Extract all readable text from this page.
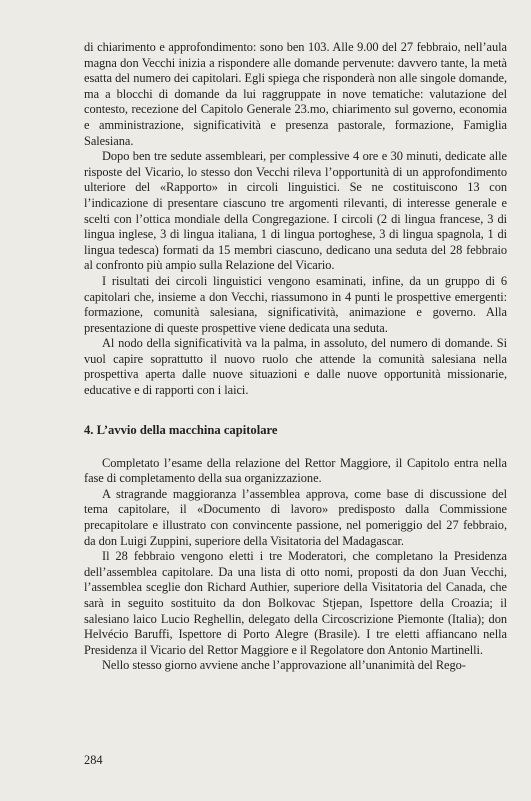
di chiarimento e approfondimento: sono ben 103. Alle 9.00 del 27 febbraio, nell’aula magna don Vecchi inizia a rispondere alle domande pervenute: davvero tante, la metà esatta del numero dei capitolari. Egli spiega che risponderà non alle singole domande, ma a blocchi di domande da lui raggruppate in nove tematiche: valutazione del contesto, recezione del Capitolo Generale 23.mo, chiarimento sul governo, economia e amministrazione, significatività e presenza pastorale, formazione, Famiglia Salesiana.

Dopo ben tre sedute assembleari, per complessive 4 ore e 30 minuti, dedicate alle risposte del Vicario, lo stesso don Vecchi rileva l’opportunità di un approfondimento ulteriore del «Rapporto» in circoli linguistici. Se ne costituiscono 13 con l’indicazione di presentare ciascuno tre argomenti rilevanti, di interesse generale e scelti con l’ottica mondiale della Congregazione. I circoli (2 di lingua francese, 3 di lingua inglese, 3 di lingua italiana, 1 di lingua portoghese, 3 di lingua spagnola, 1 di lingua tedesca) formati da 15 membri ciascuno, dedicano una seduta del 28 febbraio al confronto più ampio sulla Relazione del Vicario.

I risultati dei circoli linguistici vengono esaminati, infine, da un gruppo di 6 capitolari che, insieme a don Vecchi, riassumono in 4 punti le prospettive emergenti: formazione, comunità salesiana, significatività, animazione e governo. Alla presentazione di queste prospettive viene dedicata una seduta.

Al nodo della significatività va la palma, in assoluto, del numero di domande. Si vuol capire soprattutto il nuovo ruolo che attende la comunità salesiana nella prospettiva aperta dalle nuove situazioni e dalle nuove opportunità missionarie, educative e di rapporti con i laici.

4. L’avvio della macchina capitolare

Completato l’esame della relazione del Rettor Maggiore, il Capitolo entra nella fase di completamento della sua organizzazione.

A stragrande maggioranza l’assemblea approva, come base di discussione del tema capitolare, il «Documento di lavoro» predisposto dalla Commissione precapitolare e illustrato con convincente passione, nel pomeriggio del 27 febbraio, da don Luigi Zuppini, superiore della Visitatoria del Madagascar.

Il 28 febbraio vengono eletti i tre Moderatori, che completano la Presidenza dell’assemblea capitolare. Da una lista di otto nomi, proposti da don Juan Vecchi, l’assemblea sceglie don Richard Authier, superiore della Visitatoria del Canada, che sarà in seguito sostituito da don Bolkovac Stjepan, Ispettore della Croazia; il salesiano laico Lucio Reghellin, delegato della Circoscrizione Piemonte (Italia); don Helvécio Baruffi, Ispettore di Porto Alegre (Brasile). I tre eletti affiancano nella Presidenza il Vicario del Rettor Maggiore e il Regolatore don Antonio Martinelli.

Nello stesso giorno avviene anche l’approvazione all’unanimità del Rego-

284
